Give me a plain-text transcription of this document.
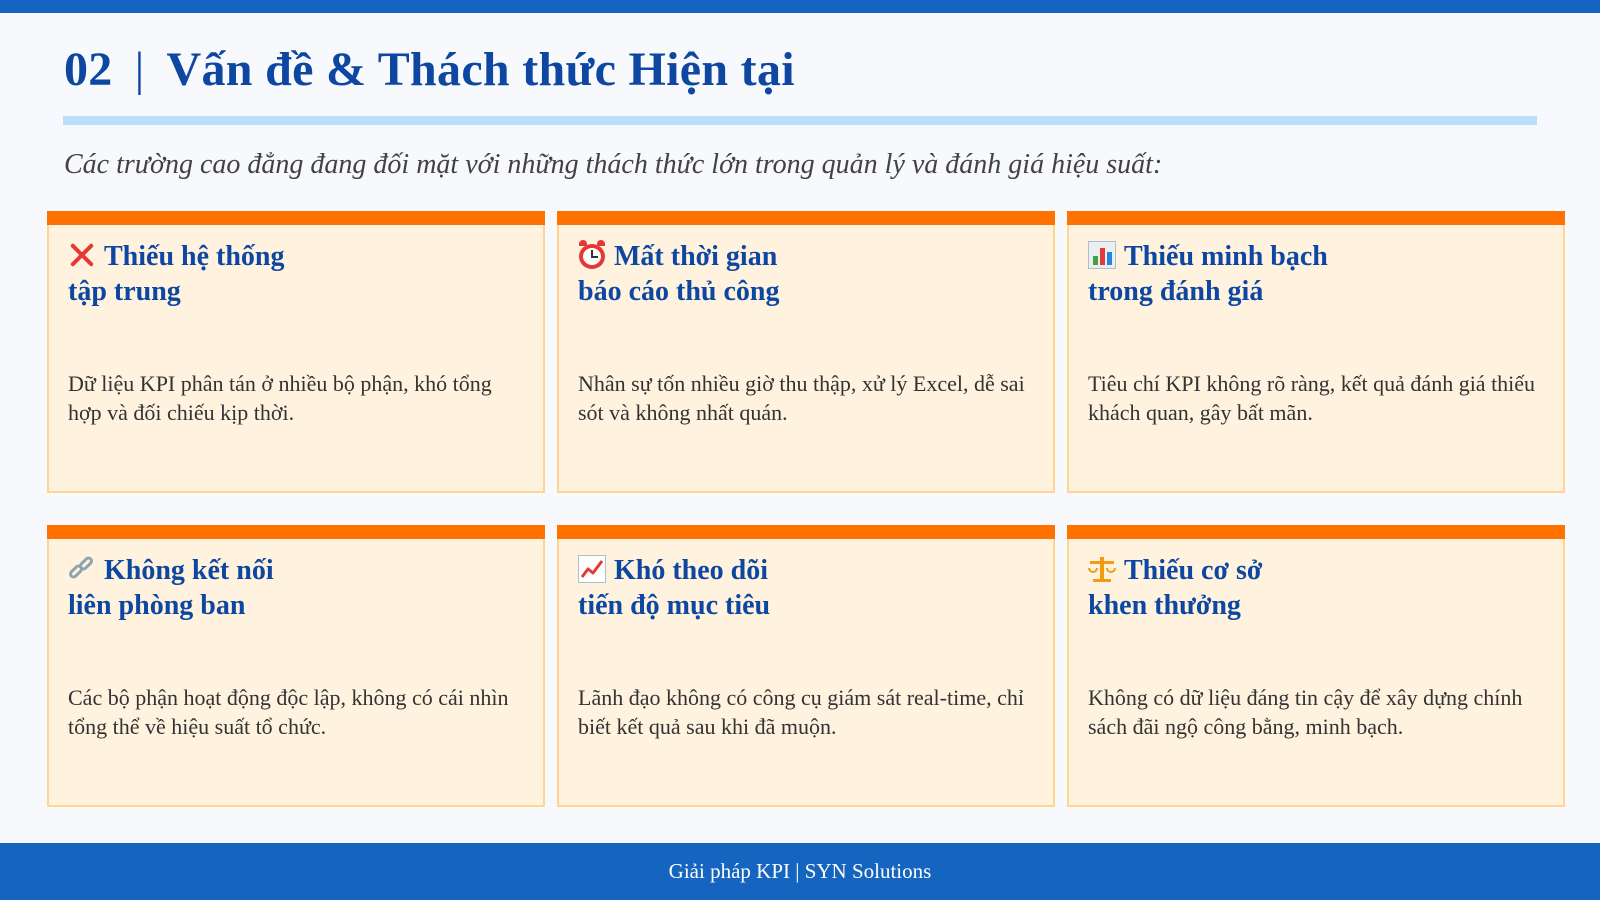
02 | Vấn đề & Thách thức Hiện tại

Các trường cao đẳng đang đối mặt với những thách thức lớn trong quản lý và đánh giá hiệu suất:

Thiếu hệ thống
tập trung

Dữ liệu KPI phân tán ở nhiều bộ phận, khó tổng hợp và đối chiếu kịp thời.

Mất thời gian
báo cáo thủ công

Nhân sự tốn nhiều giờ thu thập, xử lý Excel, dễ sai sót và không nhất quán.

Thiếu minh bạch
trong đánh giá

Tiêu chí KPI không rõ ràng, kết quả đánh giá thiếu khách quan, gây bất mãn.

Không kết nối
liên phòng ban

Các bộ phận hoạt động độc lập, không có cái nhìn tổng thể về hiệu suất tổ chức.

Khó theo dõi
tiến độ mục tiêu

Lãnh đạo không có công cụ giám sát real-time, chỉ biết kết quả sau khi đã muộn.

Thiếu cơ sở
khen thưởng

Không có dữ liệu đáng tin cậy để xây dựng chính sách đãi ngộ công bằng, minh bạch.

Giải pháp KPI | SYN Solutions
